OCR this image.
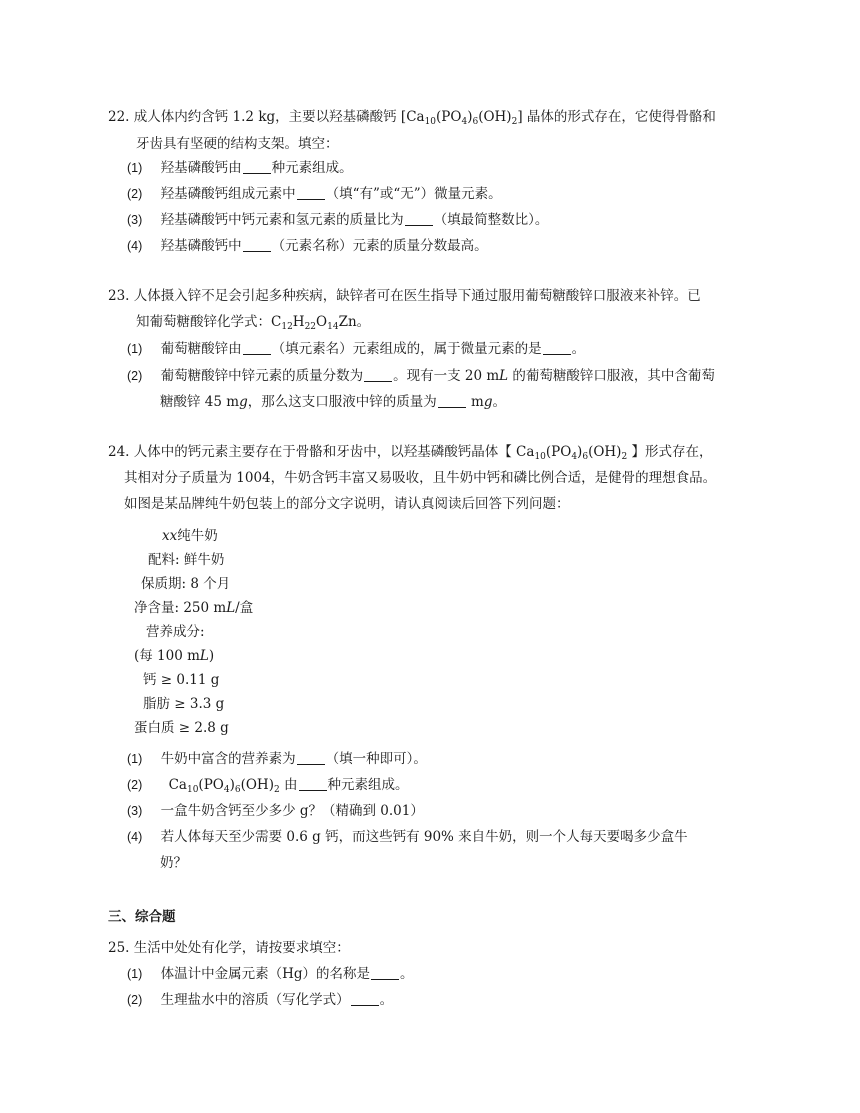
22. 成人体内约含钙 1.2 kg，主要以羟基磷酸钙 $[Ca_{10}(PO_4)_6(OH)_2]$ 晶体的形式存在，它使得骨骼和
牙齿具有坚硬的结构支架。填空：
(1) 羟基磷酸钙由 种元素组成。
(2) 羟基磷酸钙组成元素中 （填“有”或“无”）微量元素。
(3) 羟基磷酸钙中钙元素和氢元素的质量比为 （填最简整数比）。
(4) 羟基磷酸钙中 （元素名称）元素的质量分数最高。
23. 人体摄入锌不足会引起多种疾病，缺锌者可在医生指导下通过服用葡萄糖酸锌口服液来补锌。已
知葡萄糖酸锌化学式：$C_{12}H_{22}O_{14}Zn$。
(1) 葡萄糖酸锌由 （填元素名）元素组成的，属于微量元素的是 。
(2) 葡萄糖酸锌中锌元素的质量分数为 。现有一支 20 mL 的葡萄糖酸锌口服液，其中含葡萄
糖酸锌 45 mg，那么这支口服液中锌的质量为 mg。
24. 人体中的钙元素主要存在于骨骼和牙齿中，以羟基磷酸钙晶体【 $Ca_{10}(PO_4)_6(OH)_2$ 】形式存在，
其相对分子质量为 1004，牛奶含钙丰富又易吸收，且牛奶中钙和磷比例合适，是健骨的理想食品。
如图是某品牌纯牛奶包装上的部分文字说明，请认真阅读后回答下列问题：
xx纯牛奶
配料: 鲜牛奶
保质期: 8 个月
净含量: 250 mL/盒
营养成分:
(每 100 mL)
钙 ≥ 0.11 g
脂肪 ≥ 3.3 g
蛋白质 ≥ 2.8 g
(1) 牛奶中富含的营养素为 （填一种即可）。
(2) $Ca_{10}(PO_4)_6(OH)_2$ 由 种元素组成。
(3) 一盒牛奶含钙至少多少 g？（精确到 0.01）
(4) 若人体每天至少需要 0.6 g 钙，而这些钙有 90% 来自牛奶，则一个人每天要喝多少盒牛
奶？
三、综合题
25. 生活中处处有化学，请按要求填空：
(1) 体温计中金属元素（Hg）的名称是 。
(2) 生理盐水中的溶质（写化学式） 。
